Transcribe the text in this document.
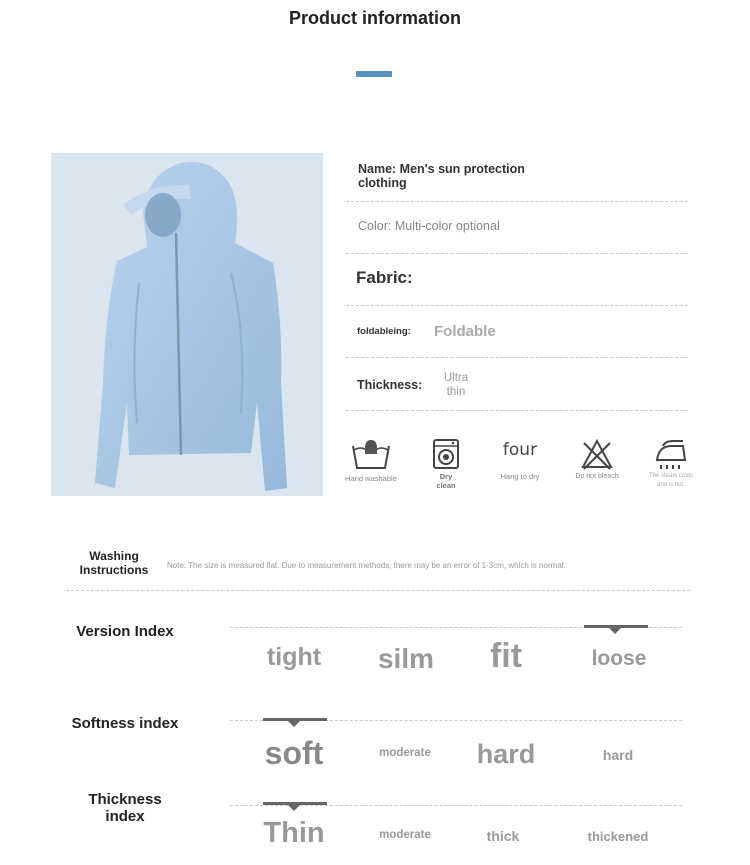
Product information
Name: Men's sun protection clothing
Color: Multi-color optional
Fabric:
foldableing: Foldable
Thickness:	Ultra thin
Hand washable	Dry clean
four
Hang to dry	Do not bleach	The steam costs and is hot.
Washing Instructions	Note: The size is measured flat. Due to measurement methods, there may be an error of 1-3cm, which is normal.
Version Index
tight	silm	fit	loose
Softness index
soft	moderate	hard	hard
Thickness index
Thin	moderate	thick	thickened
